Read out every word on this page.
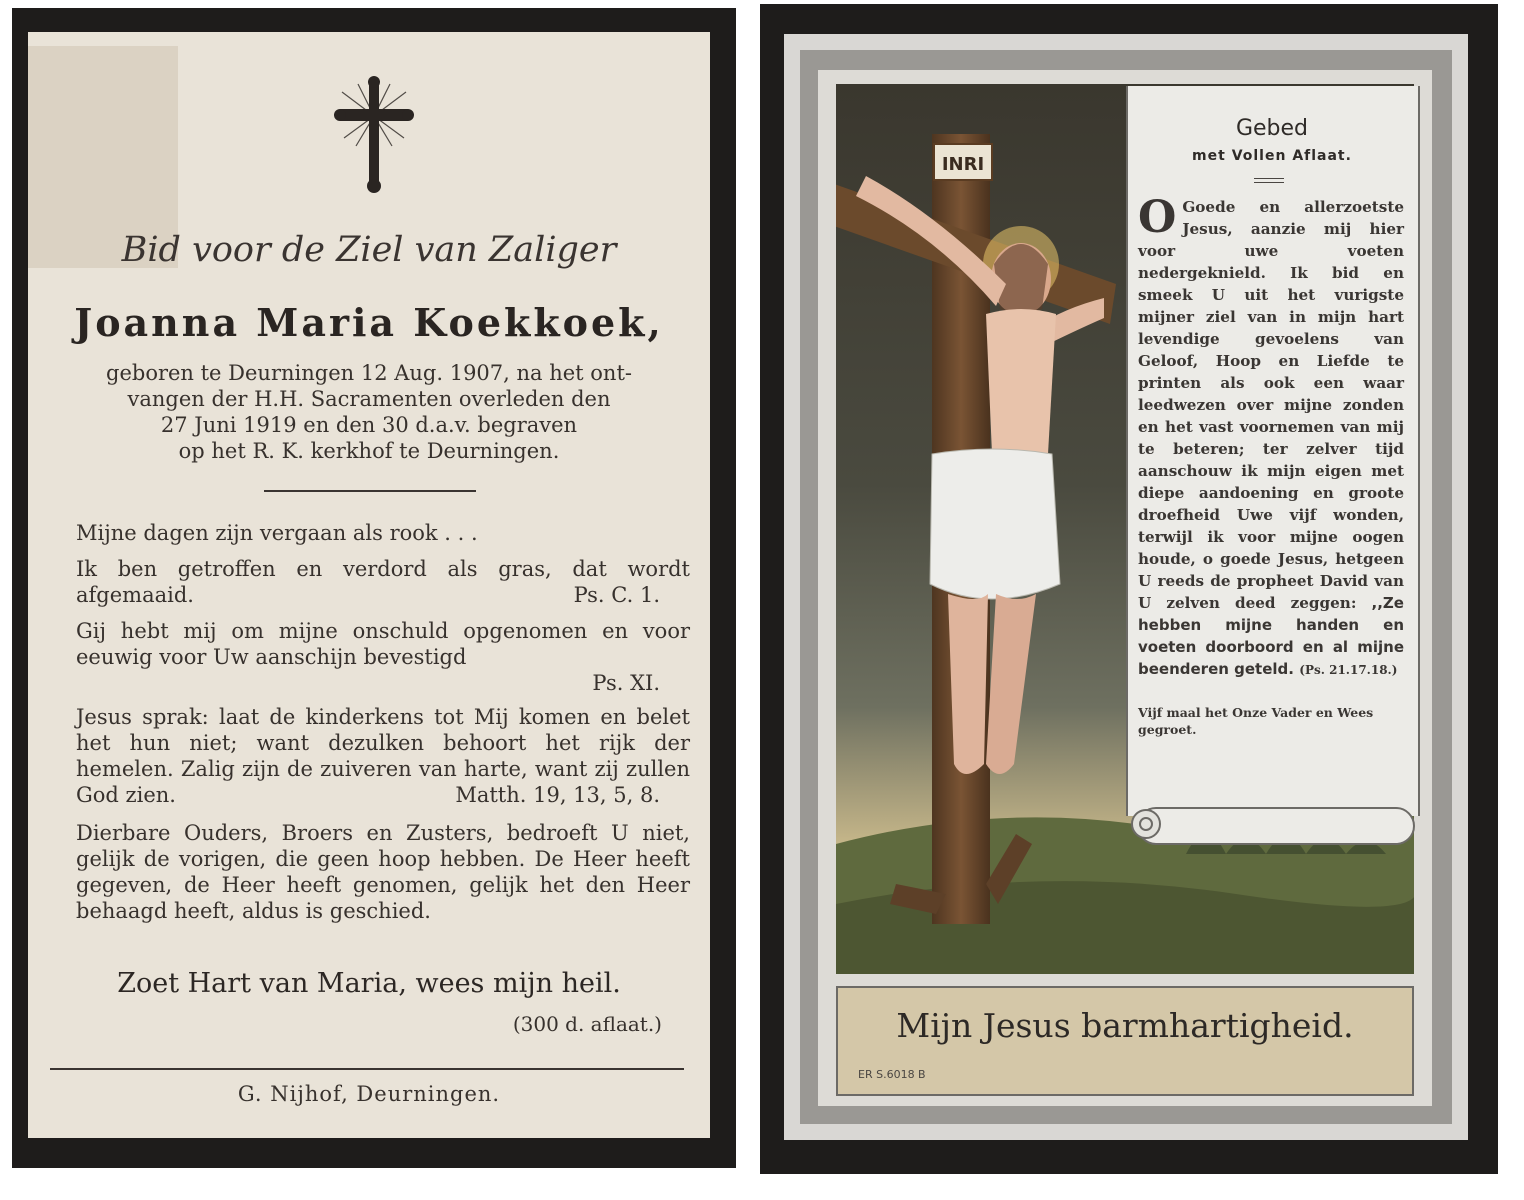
Bid voor de Ziel van Zaliger
Joanna Maria Koekkoek,
geboren te Deurningen 12 Aug. 1907, na het ont-
vangen der H.H. Sacramenten overleden den
27 Juni 1919 en den 30 d.a.v. begraven
op het R. K. kerkhof te Deurningen.
Mijne dagen zijn vergaan als rook . . .
Ik ben getroffen en verdord als gras, dat wordt afgemaaid.	Ps. C. 1.
Gij hebt mij om mijne onschuld opgenomen en voor eeuwig voor Uw aanschijn bevestigd
Ps. XI.
Jesus sprak: laat de kinderkens tot Mij komen en belet het hun niet; want dezulken behoort het rijk der hemelen. Zalig zijn de zuiveren van harte, want zij zullen God zien.	Matth. 19, 13, 5, 8.
Dierbare Ouders, Broers en Zusters, bedroeft U niet, gelijk de vorigen, die geen hoop hebben. De Heer heeft gegeven, de Heer heeft genomen, gelijk het den Heer behaagd heeft, aldus is geschied.
Zoet Hart van Maria, wees mijn heil.
(300 d. aflaat.)
G. Nijhof, Deurningen.
INRI
Gebed
met Vollen Aflaat.
O Goede en allerzoetste Jesus, aanzie mij hier voor uwe voeten nedergeknield. Ik bid en smeek U uit het vurigste mijner ziel van in mijn hart levendige gevoelens van Geloof, Hoop en Liefde te printen als ook een waar leedwezen over mijne zonden en het vast voornemen van mij te beteren; ter zelver tijd aanschouw ik mijn eigen met diepe aandoening en groote droefheid Uwe vijf wonden, terwijl ik voor mijne oogen houde, o goede Jesus, hetgeen U reeds de propheet David van U zelven deed zeggen: ,,Ze hebben mijne handen en voeten doorboord en al mijne beenderen geteld. (Ps. 21.17.18.)
Vijf maal het Onze Vader en Wees gegroet.
Mijn Jesus barmhartigheid.
ER S.6018 B
